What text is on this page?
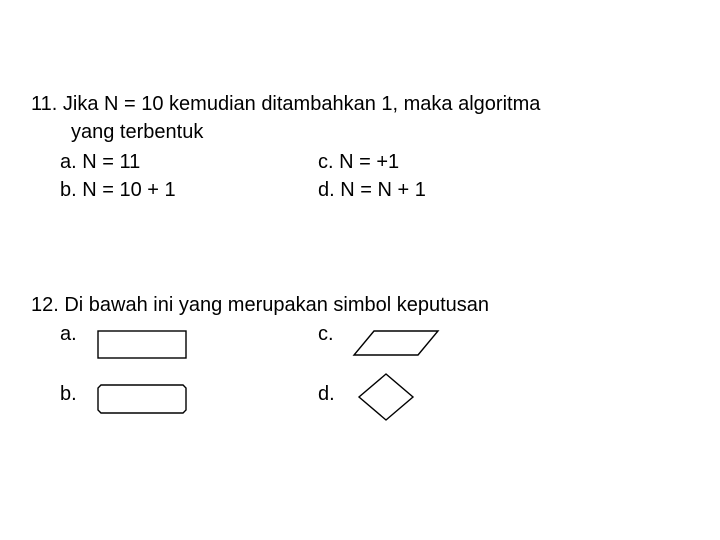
11. Jika N = 10 kemudian ditambahkan 1, maka algoritma
yang terbentuk
a. N = 11	c. N = +1
b. N = 10 + 1	d. N = N + 1
12. Di bawah ini yang merupakan simbol keputusan
a.	c.
b.	d.
